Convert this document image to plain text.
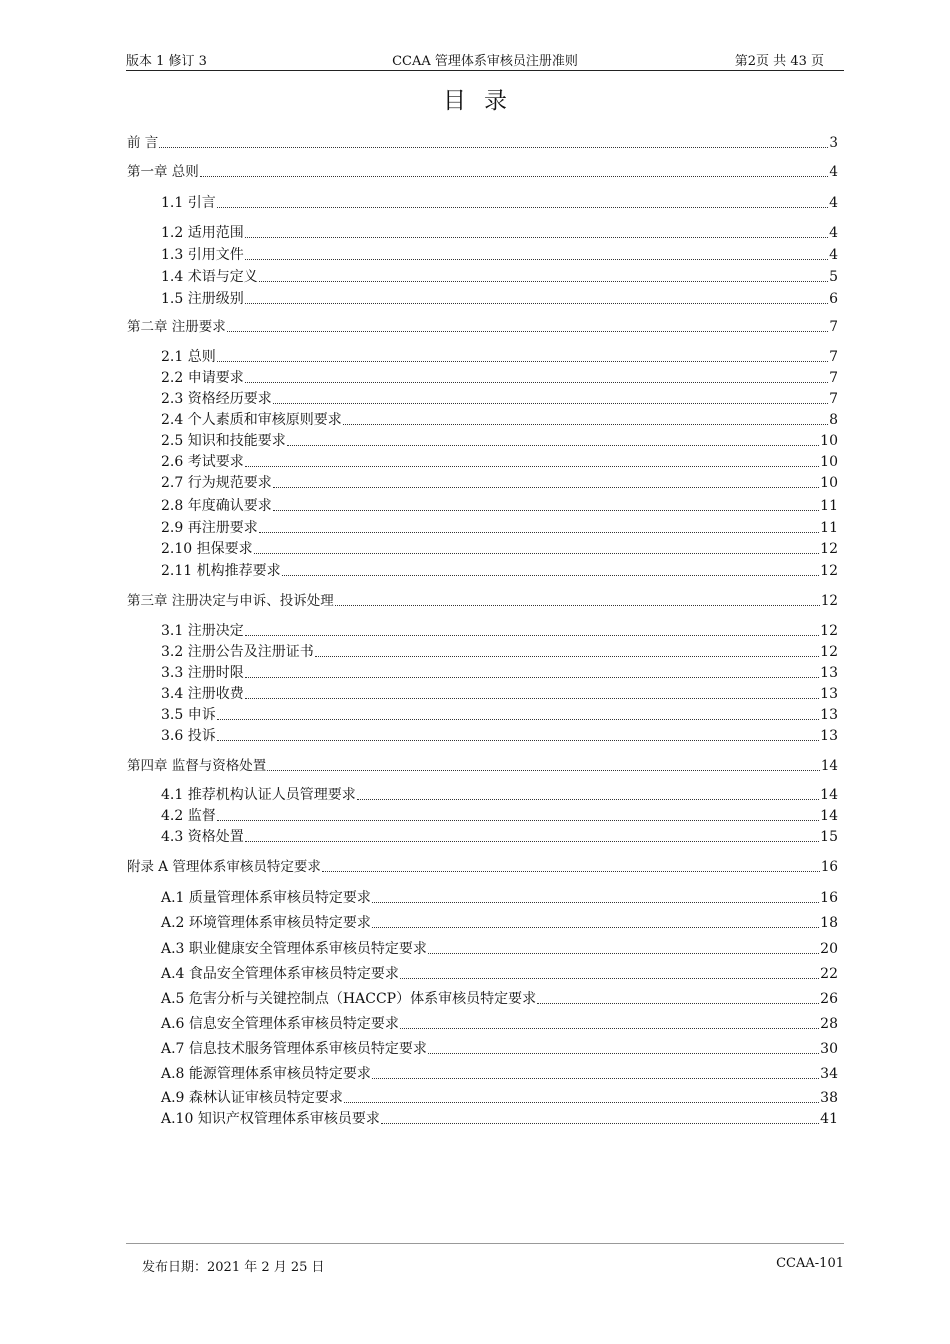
版本 1 修订 3	CCAA 管理体系审核员注册准则	第2页 共 43 页
目录
前 言	3
第一章 总则	4
1.1 引言	4
1.2 适用范围	4
1.3 引用文件	4
1.4 术语与定义	5
1.5 注册级别	6
第二章 注册要求	7
2.1 总则	7
2.2 申请要求	7
2.3 资格经历要求	7
2.4 个人素质和审核原则要求	8
2.5 知识和技能要求	10
2.6 考试要求	10
2.7 行为规范要求	10
2.8 年度确认要求	11
2.9 再注册要求	11
2.10 担保要求	12
2.11 机构推荐要求	12
第三章 注册决定与申诉、投诉处理	12
3.1 注册决定	12
3.2 注册公告及注册证书	12
3.3 注册时限	13
3.4 注册收费	13
3.5 申诉	13
3.6 投诉	13
第四章 监督与资格处置	14
4.1 推荐机构认证人员管理要求	14
4.2 监督	14
4.3 资格处置	15
附录 A 管理体系审核员特定要求	16
A.1 质量管理体系审核员特定要求	16
A.2 环境管理体系审核员特定要求	18
A.3 职业健康安全管理体系审核员特定要求	20
A.4 食品安全管理体系审核员特定要求	22
A.5 危害分析与关键控制点（HACCP）体系审核员特定要求	26
A.6 信息安全管理体系审核员特定要求	28
A.7 信息技术服务管理体系审核员特定要求	30
A.8 能源管理体系审核员特定要求	34
A.9 森林认证审核员特定要求	38
A.10 知识产权管理体系审核员要求	41
发布日期：2021 年 2 月 25 日	CCAA-101
